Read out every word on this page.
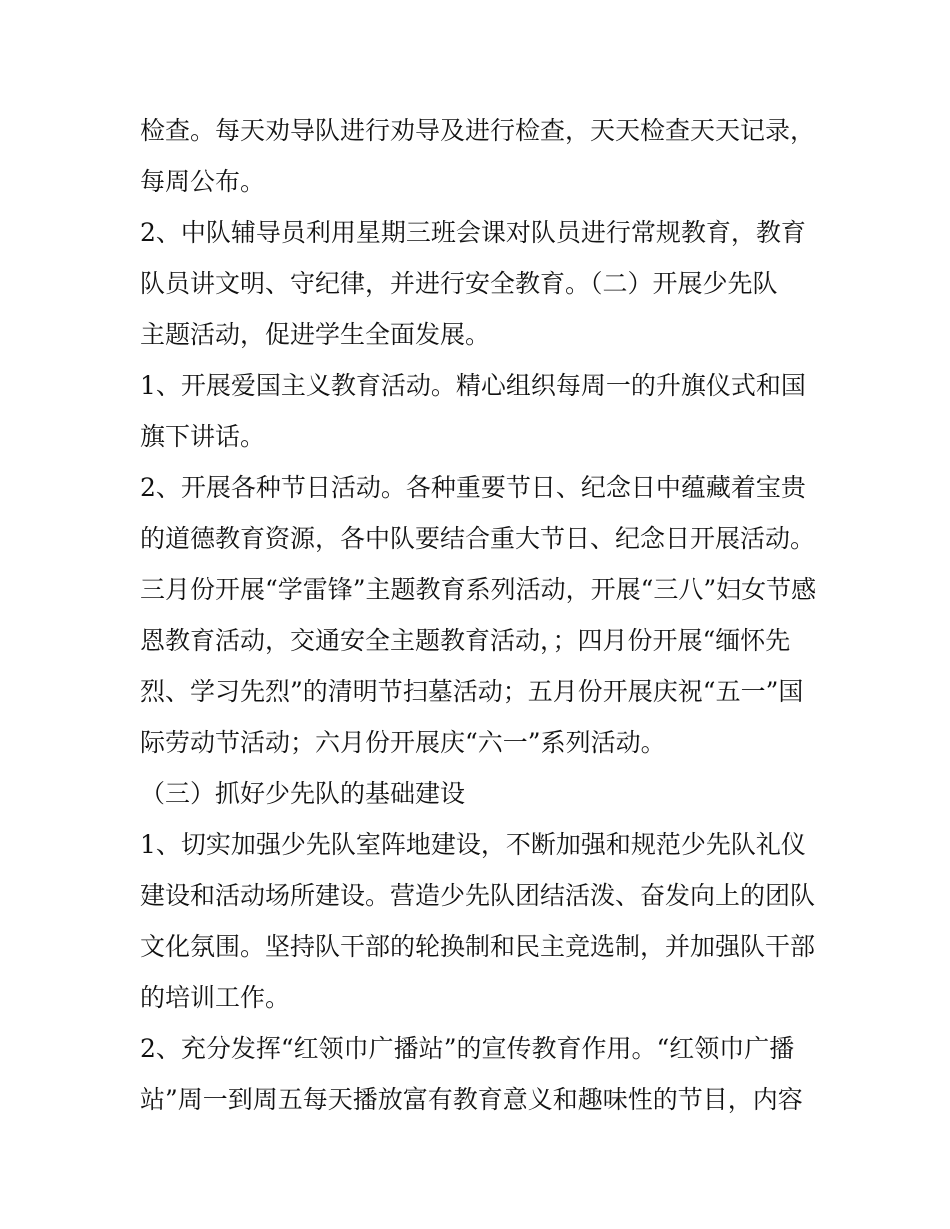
检查。每天劝导队进行劝导及进行检查，天天检查天天记录，
每周公布。
2、中队辅导员利用星期三班会课对队员进行常规教育，教育
队员讲文明、守纪律，并进行安全教育。（二）开展少先队
主题活动，促进学生全面发展。
1、开展爱国主义教育活动。精心组织每周一的升旗仪式和国
旗下讲话。
2、开展各种节日活动。各种重要节日、纪念日中蕴藏着宝贵
的道德教育资源，各中队要结合重大节日、纪念日开展活动。
三月份开展“学雷锋”主题教育系列活动，开展“三八”妇女节感
恩教育活动，交通安全主题教育活动，；四月份开展“缅怀先
烈、学习先烈”的清明节扫墓活动；五月份开展庆祝“五一”国
际劳动节活动；六月份开展庆“六一”系列活动。
（三）抓好少先队的基础建设
1、切实加强少先队室阵地建设，不断加强和规范少先队礼仪
建设和活动场所建设。营造少先队团结活泼、奋发向上的团队
文化氛围。坚持队干部的轮换制和民主竞选制，并加强队干部
的培训工作。
2、充分发挥“红领巾广播站”的宣传教育作用。“红领巾广播
站”周一到周五每天播放富有教育意义和趣味性的节目，内容
